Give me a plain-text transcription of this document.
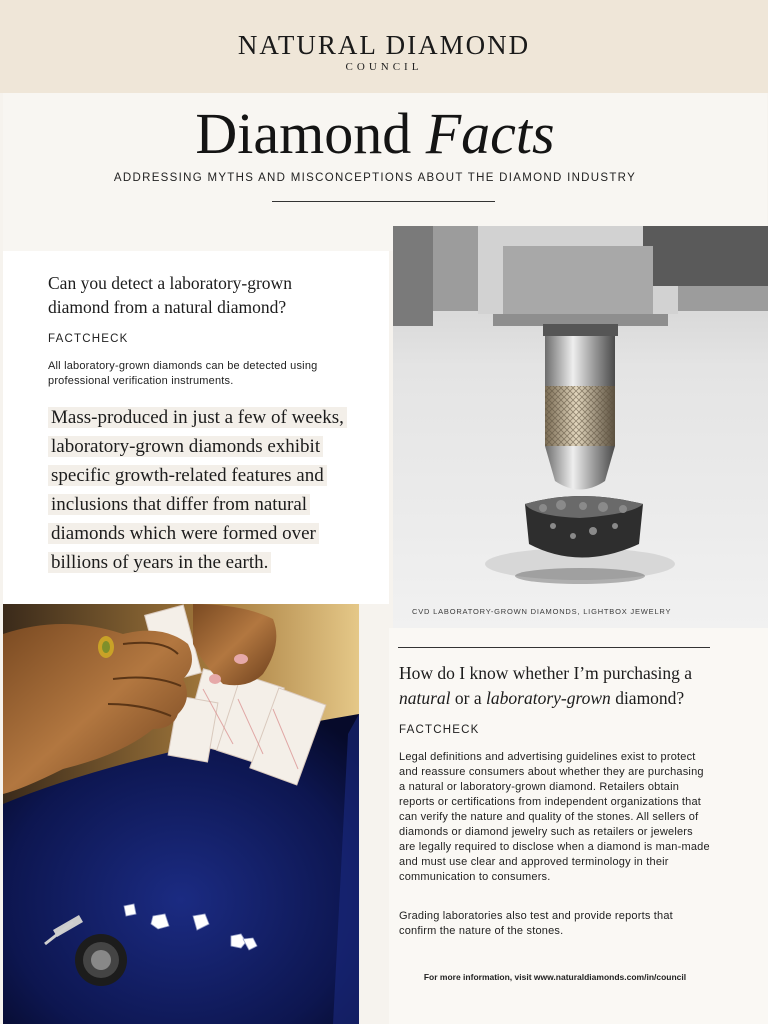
NATURAL DIAMOND
COUNCIL
Diamond Facts
ADDRESSING MYTHS AND MISCONCEPTIONS ABOUT THE DIAMOND INDUSTRY
Can you detect a laboratory-grown diamond from a natural diamond?
FACTCHECK
All laboratory-grown diamonds can be detected using professional verification instruments.
Mass-produced in just a few of weeks, laboratory-grown diamonds exhibit specific growth-related features and inclusions that differ from natural diamonds which were formed over billions of years in the earth.
CVD LABORATORY-GROWN DIAMONDS, LIGHTBOX JEWELRY
How do I know whether I’m purchasing a natural or a laboratory-grown diamond?
FACTCHECK
Legal definitions and advertising guidelines exist to protect and reassure consumers about whether they are purchasing a natural or laboratory-grown diamond. Retailers obtain reports or certifications from independent organizations that can verify the nature and quality of the stones. All sellers of diamonds or diamond jewelry such as retailers or jewelers are legally required to disclose when a diamond is man-made and must use clear and approved terminology in their communication to consumers.
Grading laboratories also test and provide reports that confirm the nature of the stones.
For more information, visit www.naturaldiamonds.com/in/council
